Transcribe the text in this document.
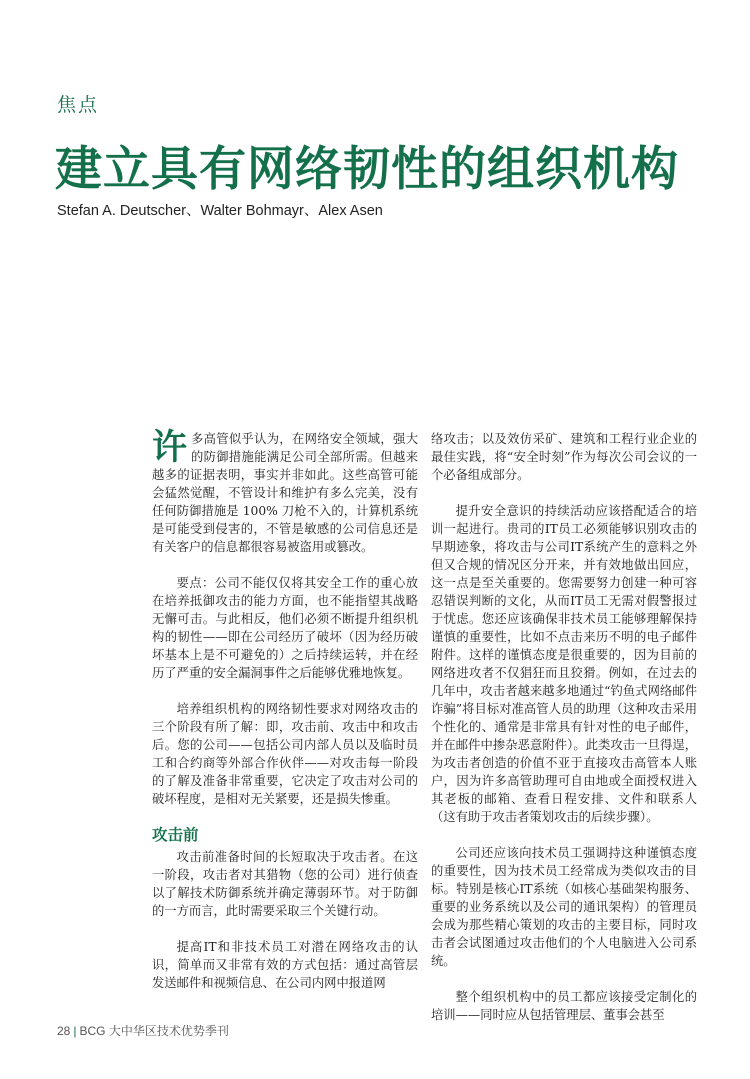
焦点
建立具有网络韧性的组织机构
Stefan A. Deutscher、Walter Bohmayr、Alex Asen

许多高管似乎认为，在网络安全领域，强大的防御措施能满足公司全部所需。但越来越多的证据表明，事实并非如此。这些高管可能会猛然觉醒，不管设计和维护有多么完美，没有任何防御措施是 100% 刀枪不入的，计算机系统是可能受到侵害的，不管是敏感的公司信息还是有关客户的信息都很容易被盗用或篡改。

要点：公司不能仅仅将其安全工作的重心放在培养抵御攻击的能力方面，也不能指望其战略无懈可击。与此相反，他们必须不断提升组织机构的韧性——即在公司经历了破坏（因为经历破坏基本上是不可避免的）之后持续运转，并在经历了严重的安全漏洞事件之后能够优雅地恢复。

培养组织机构的网络韧性要求对网络攻击的三个阶段有所了解：即，攻击前、攻击中和攻击后。您的公司——包括公司内部人员以及临时员工和合约商等外部合作伙伴——对攻击每一阶段的了解及准备非常重要，它决定了攻击对公司的破坏程度，是相对无关紧要，还是损失惨重。

攻击前

攻击前准备时间的长短取决于攻击者。在这一阶段，攻击者对其猎物（您的公司）进行侦查以了解技术防御系统并确定薄弱环节。对于防御的一方而言，此时需要采取三个关键行动。

提高IT和非技术员工对潜在网络攻击的认识，简单而又非常有效的方式包括：通过高管层发送邮件和视频信息、在公司内网中报道网

络攻击；以及效仿采矿、建筑和工程行业企业的最佳实践，将“安全时刻”作为每次公司会议的一个必备组成部分。

提升安全意识的持续活动应该搭配适合的培训一起进行。贵司的IT员工必须能够识别攻击的早期迹象，将攻击与公司IT系统产生的意料之外但又合规的情况区分开来，并有效地做出回应，这一点是至关重要的。您需要努力创建一种可容忍错误判断的文化，从而IT员工无需对假警报过于忧虑。您还应该确保非技术员工能够理解保持谨慎的重要性，比如不点击来历不明的电子邮件附件。这样的谨慎态度是很重要的，因为目前的网络进攻者不仅猖狂而且狡猾。例如，在过去的几年中，攻击者越来越多地通过“钓鱼式网络邮件诈骗”将目标对准高管人员的助理（这种攻击采用个性化的、通常是非常具有针对性的电子邮件，并在邮件中掺杂恶意附件）。此类攻击一旦得逞，为攻击者创造的价值不亚于直接攻击高管本人账户，因为许多高管助理可自由地或全面授权进入其老板的邮箱、查看日程安排、文件和联系人（这有助于攻击者策划攻击的后续步骤）。

公司还应该向技术员工强调持这种谨慎态度的重要性，因为技术员工经常成为类似攻击的目标。特别是核心IT系统（如核心基础架构服务、重要的业务系统以及公司的通讯架构）的管理员会成为那些精心策划的攻击的主要目标，同时攻击者会试图通过攻击他们的个人电脑进入公司系统。

整个组织机构中的员工都应该接受定制化的培训——同时应从包括管理层、董事会甚至

28 | BCG 大中华区技术优势季刊
